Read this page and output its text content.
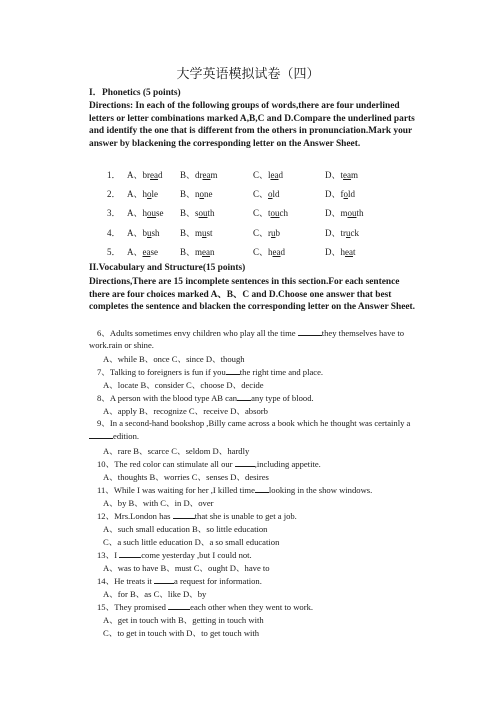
大学英语模拟试卷（四）
I．Phonetics (5 points)
Directions: In each of the following groups of words,there are four underlined letters or letter combinations marked A,B,C and D.Compare the underlined parts and identify the one that is different from the others in pronunciation.Mark your answer by blackening the corresponding letter on the Answer Sheet.
1． A、bread B、dream	C、lead	D、team
2． A、hole B、none	C、old	D、fold
3． A、house B、south	C、touch	D、mouth
4． A、bush B、must	C、rub	D、truck
5． A、ease B、mean	C、head	D、heat
II.Vocabulary and Structure(15 points)
Directions,There are 15 incomplete sentences in this section.For each sentence there are four choices marked A、B、C and D.Choose one answer that best completes the sentence and blacken the corresponding letter on the Answer Sheet.
6、Adults sometimes envy children who play all the time	they themselves have to work.rain or shine.
A、while B、once C、since D、though
7、Talking to foreigners is fun if you the right time and place.
A、locate B、consider C、choose D、decide
8、A person with the blood type AB can any type of blood.
A、apply B、recognize C、receive D、absorb
9、In a second-hand bookshop ,Billy came across a book which he thought was certainly a edition.
A、rare B、scarce C、seldom D、hardly
10、The red color can stimulate all our ,including appetite.
A、thoughts B、worries C、senses D、desires
11、While I was waiting for her ,I killed time looking in the show windows.
A、by B、with C、in D、over
12、Mrs.London has	that she is unable to get a job.
A、such small education B、so little education
C、a such little education D、a so small education
13、I	come yesterday ,but I could not.
A、was to have B、must C、ought D、have to
14、He treats it a request for information.
A、for B、as C、like D、by
15、They promised	each other when they went to work.
A、get in touch with B、getting in touch with
C、to get in touch with D、to get touch with
